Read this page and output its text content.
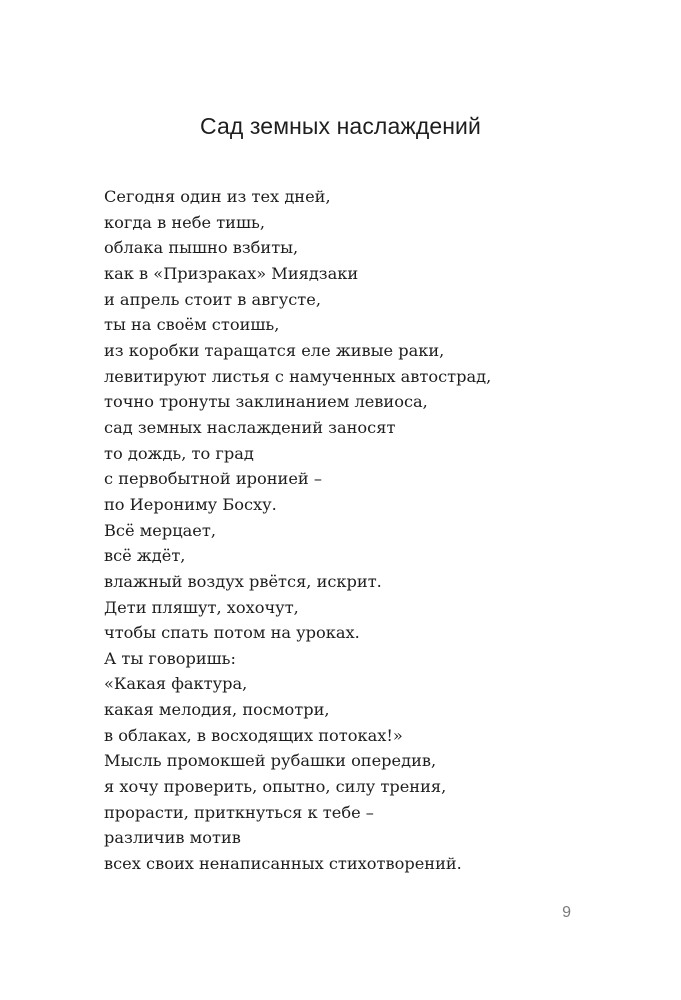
Сад земных наслаждений
Сегодня один из тех дней,
когда в небе тишь,
облака пышно взбиты,
как в «Призраках» Миядзаки
и апрель стоит в августе,
ты на своём стоишь,
из коробки таращатся еле живые раки,
левитируют листья с намученных автострад,
точно тронуты заклинанием левиоса,
сад земных наслаждений заносят
то дождь, то град
с первобытной иронией –
по Иерониму Босху.
Всё мерцает,
всё ждёт,
влажный воздух рвётся, искрит.
Дети пляшут, хохочут,
чтобы спать потом на уроках.
А ты говоришь:
«Какая фактура,
какая мелодия, посмотри,
в облаках, в восходящих потоках!»
Мысль промокшей рубашки опередив,
я хочу проверить, опытно, силу трения,
прорасти, приткнуться к тебе –
различив мотив
всех своих ненаписанных стихотворений.
9
